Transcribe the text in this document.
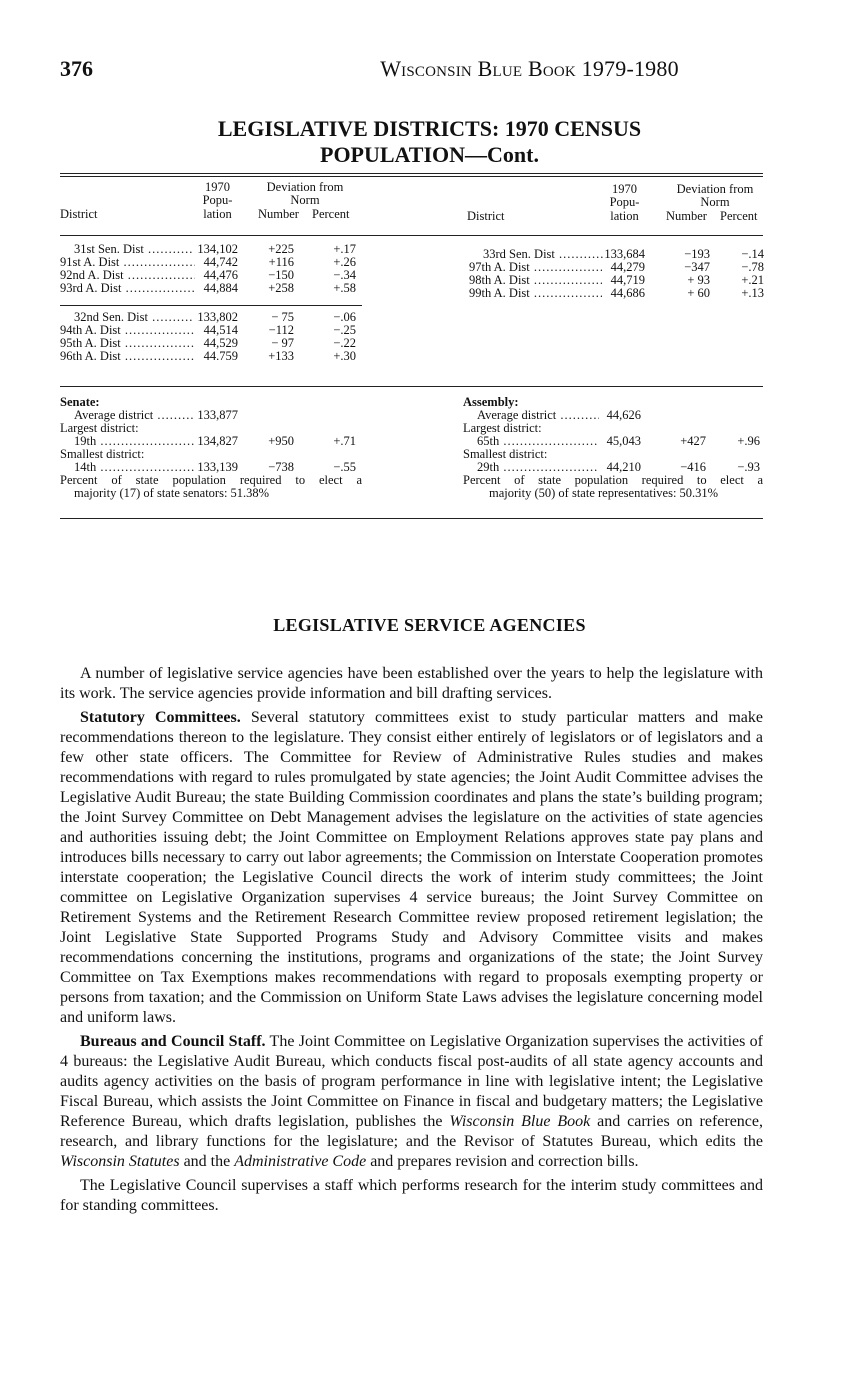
376	Wisconsin Blue Book 1979-1980
LEGISLATIVE DISTRICTS: 1970 CENSUS
POPULATION—Cont.
1970
Popu-
lation
Deviation from
Norm
District	Number Percent
1970
Popu-
lation
Deviation from
Norm
District	Number Percent
31st Sen. Dist .....	134,102	+225	+.17
91st A. Dist .....	44,742	+116	+.26
92nd A. Dist .....	44,476	−150	−.34
93rd A. Dist .....	44,884	+258	+.58
32nd Sen. Dist .....	133,802	− 75	−.06
94th A. Dist .....	44,514	−112	−.25
95th A. Dist .....	44,529	− 97	−.22
96th A. Dist .....	44.759	+133	+.30
33rd Sen. Dist .....	133,684	−193	−.14
97th A. Dist .....	44,279	−347	−.78
98th A. Dist .....	44,719	+ 93	+.21
99th A. Dist .....	44,686	+ 60	+.13
Senate:
Average district .....	133,877
Largest district:
19th .....	134,827	+950	+.71
Smallest district:
14th .....	133,139	−738	−.55
Percent of state population required to elect a
majority (17) of state senators: 51.38%
Assembly:
Average district .....	44,626
Largest district:
65th .....	45,043	+427	+.96
Smallest district:
29th .....	44,210	−416	−.93
Percent of state population required to elect a
majority (50) of state representatives: 50.31%
LEGISLATIVE SERVICE AGENCIES

A number of legislative service agencies have been established over the years to help the legislature with its work. The service agencies provide information and bill drafting services.

Statutory Committees. Several statutory committees exist to study particular matters and make recommendations thereon to the legislature. They consist either entirely of legislators or of legislators and a few other state officers. The Committee for Review of Administrative Rules studies and makes recommendations with regard to rules promulgated by state agencies; the Joint Audit Committee advises the Legislative Audit Bureau; the state Building Commission coordinates and plans the state’s building program; the Joint Survey Committee on Debt Management advises the legislature on the activities of state agencies and authorities issuing debt; the Joint Committee on Employment Relations approves state pay plans and introduces bills necessary to carry out labor agreements; the Commission on Interstate Cooperation promotes interstate cooperation; the Legislative Council directs the work of interim study committees; the Joint committee on Legislative Organization supervises 4 service bureaus; the Joint Survey Committee on Retirement Systems and the Retirement Research Committee review proposed retirement legislation; the Joint Legislative State Supported Programs Study and Advisory Committee visits and makes recommendations concerning the institutions, programs and organizations of the state; the Joint Survey Committee on Tax Exemptions makes recommendations with regard to proposals exempting property or persons from taxation; and the Commission on Uniform State Laws advises the legislature concerning model and uniform laws.

Bureaus and Council Staff. The Joint Committee on Legislative Organization supervises the activities of 4 bureaus: the Legislative Audit Bureau, which conducts fiscal post-audits of all state agency accounts and audits agency activities on the basis of program performance in line with legislative intent; the Legislative Fiscal Bureau, which assists the Joint Committee on Finance in fiscal and budgetary matters; the Legislative Reference Bureau, which drafts legislation, publishes the Wisconsin Blue Book and carries on reference, research, and library functions for the legislature; and the Revisor of Statutes Bureau, which edits the Wisconsin Statutes and the Administrative Code and prepares revision and correction bills.

The Legislative Council supervises a staff which performs research for the interim study committees and for standing committees.
